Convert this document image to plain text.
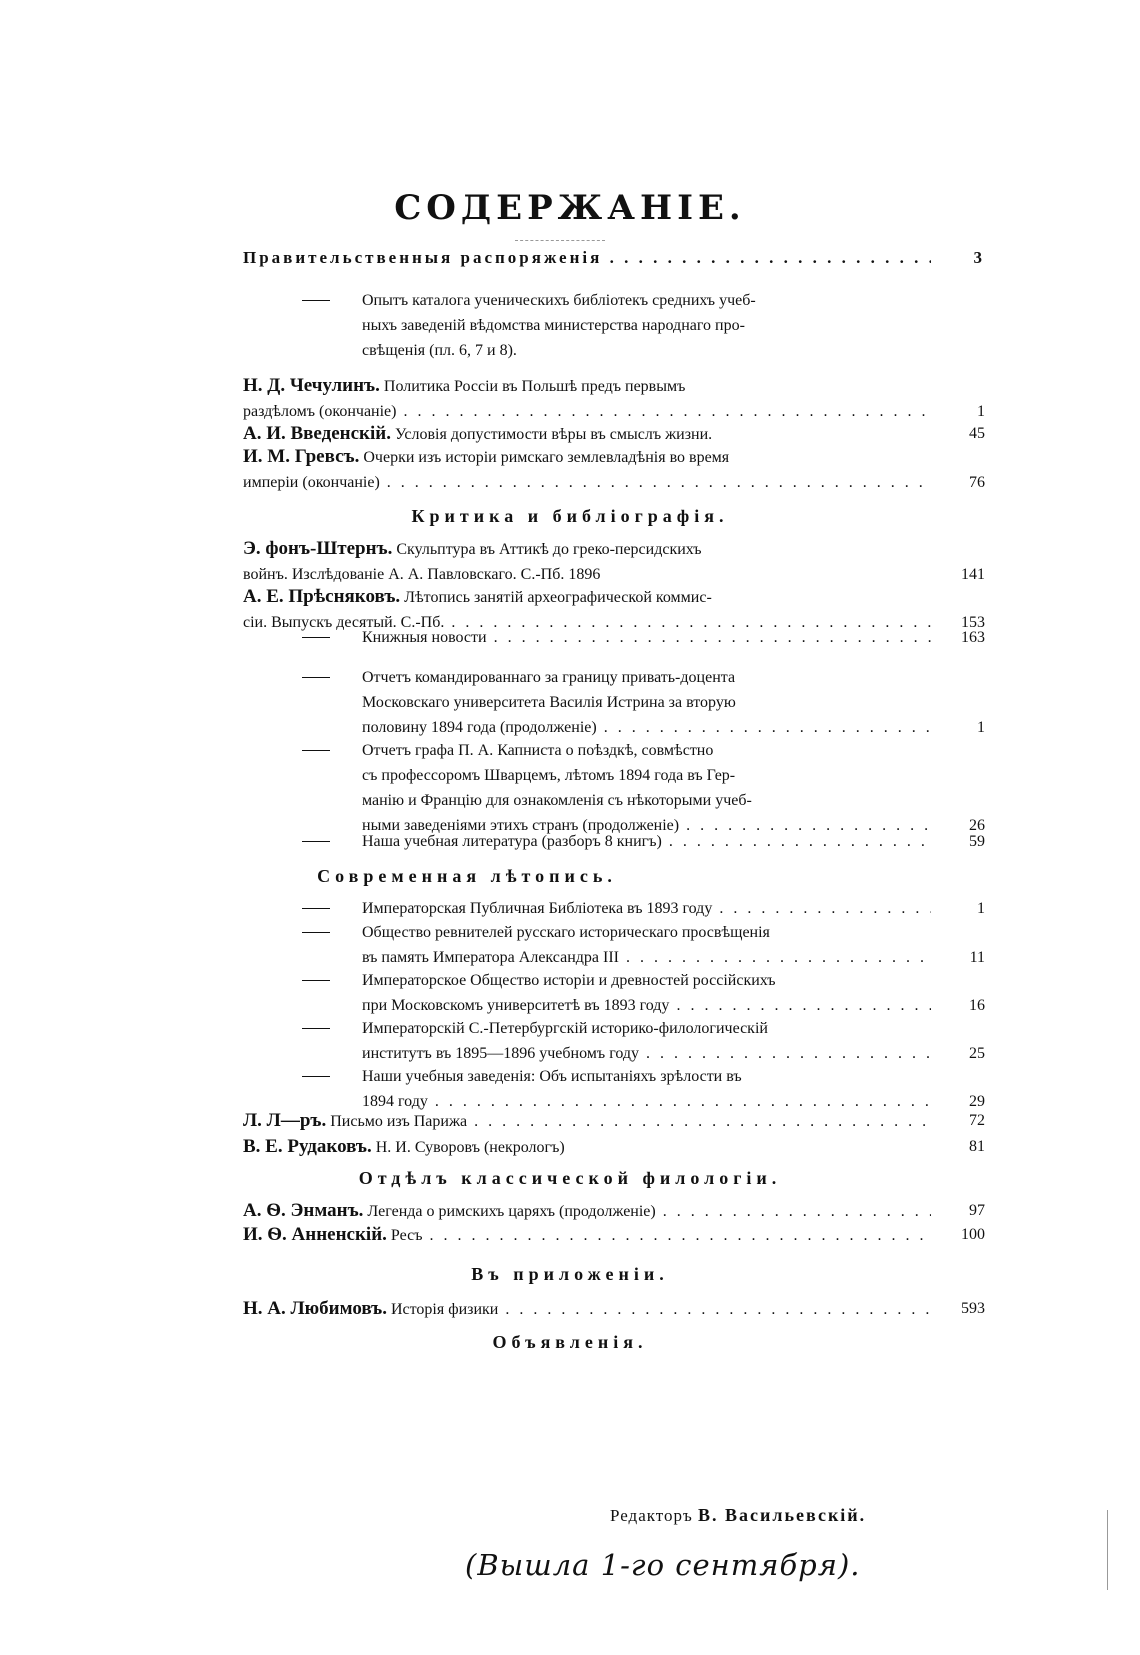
СОДЕРЖАНІЕ.
Правительственныя распоряженія . . .	3
Опытъ каталога ученическихъ библіотекъ среднихъ учеб-
ныхъ заведеній вѣдомства министерства народнаго про-
свѣщенія (пл. 6, 7 и 8).
Н. Д. Чечулинъ. Политика Россіи въ Польшѣ предъ первымъ
раздѣломъ (окончаніе) . . .	1
А. И. Введенскій. Условія допустимости вѣры въ смыслъ жизни.	45
И. М. Гревсъ. Очерки изъ исторіи римскаго землевладѣнія во время
имперіи (окончаніе) . . .	76
Критика и библіографія.
Э. фонъ-Штернъ. Скульптура въ Аттикѣ до греко-персидскихъ
войнъ. Изслѣдованіе А. А. Павловскаго. С.-Пб. 1896	141
А. Е. Прѣсняковъ. Лѣтопись занятій археографической коммис-
сіи. Выпускъ десятый. С.-Пб. . . .	153
Книжныя новости . . .	163
Отчетъ командированнаго за границу привать-доцента
Московскаго университета Василія Истрина за вторую
половину 1894 года (продолженіе) . . .	1
Отчетъ графа П. А. Капниста о поѣздкѣ, совмѣстно
съ профессоромъ Шварцемъ, лѣтомъ 1894 года въ Гер-
манію и Францію для ознакомленія съ нѣкоторыми учеб-
ными заведеніями этихъ странъ (продолженіе) . . .	26
Наша учебная литература (разборъ 8 книгъ) . . .	59
Современная лѣтопись.
Императорская Публичная Библіотека въ 1893 году . . .	1
Общество ревнителей русскаго историческаго просвѣщенія
въ память Императора Александра III . . .	11
Императорское Общество исторіи и древностей россійскихъ
при Московскомъ университетѣ въ 1893 году . . .	16
Императорскій С.-Петербургскій историко-филологическій
институтъ въ 1895—1896 учебномъ году . . .	25
Наши учебныя заведенія: Объ испытаніяхъ зрѣлости въ
1894 году . . .	29
Л. Л—ръ. Письмо изъ Парижа . . .	72
В. Е. Рудаковъ. Н. И. Суворовъ (некрологъ)	81
Отдѣлъ классической филологіи.
А. Ѳ. Энманъ. Легенда о римскихъ царяхъ (продолженіе) . . .	97
И. Ѳ. Анненскій. Ресъ . . .	100
Въ приложеніи.
Н. А. Любимовъ. Исторія физики . . .	593
Объявленія.
Редакторъ В. Васильевскій.
(Вышла 1-го сентября).
